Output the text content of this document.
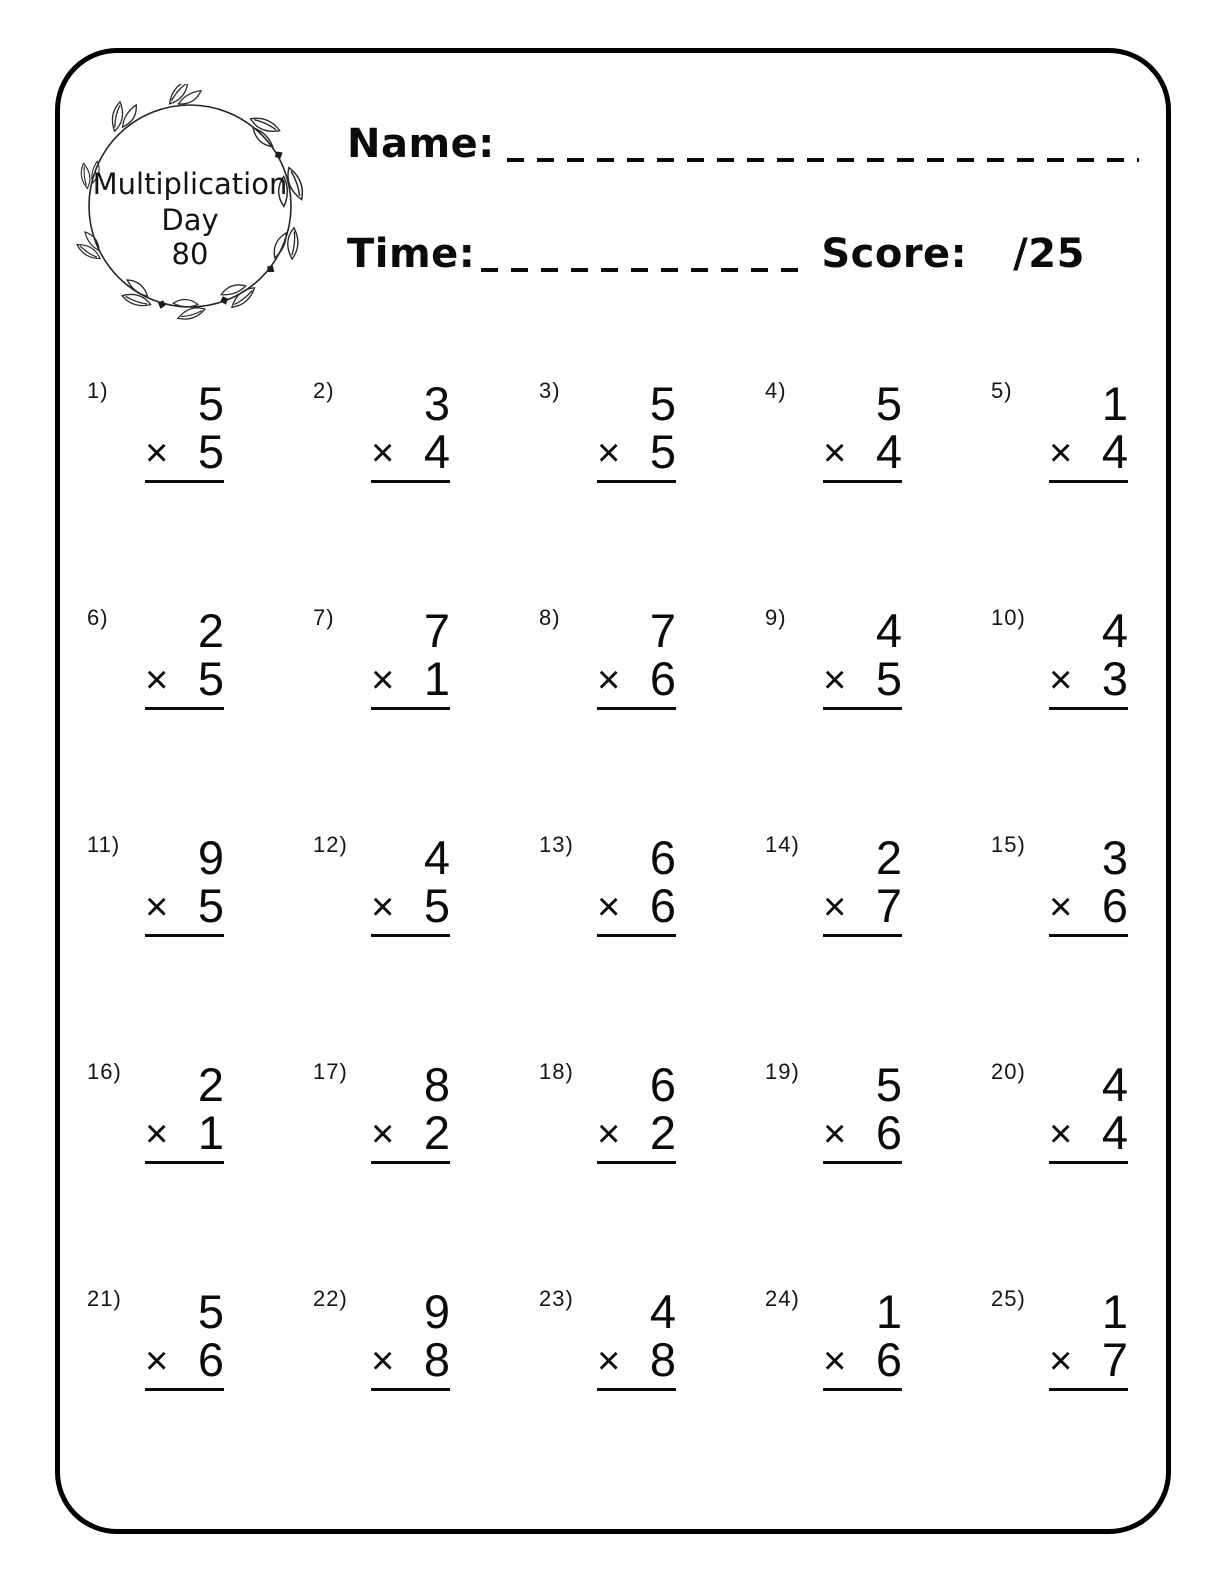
Multiplication
Day
80
Name:
Time:	Score: /25
1)	5
× 5
2)	3
× 4
3)	5
× 5
4)	5
× 4
5)	1
× 4
6)	2
× 5
7)	7
× 1
8)	7
× 6
9)	4
× 5
10)	4
× 3
11)	9
× 5
12)	4
× 5
13)	6
× 6
14)	2
× 7
15)	3
× 6
16)	2
× 1
17)	8
× 2
18)	6
× 2
19)	5
× 6
20)	4
× 4
21)	5
× 6
22)	9
× 8
23)	4
× 8
24)	1
× 6
25)	1
× 7
